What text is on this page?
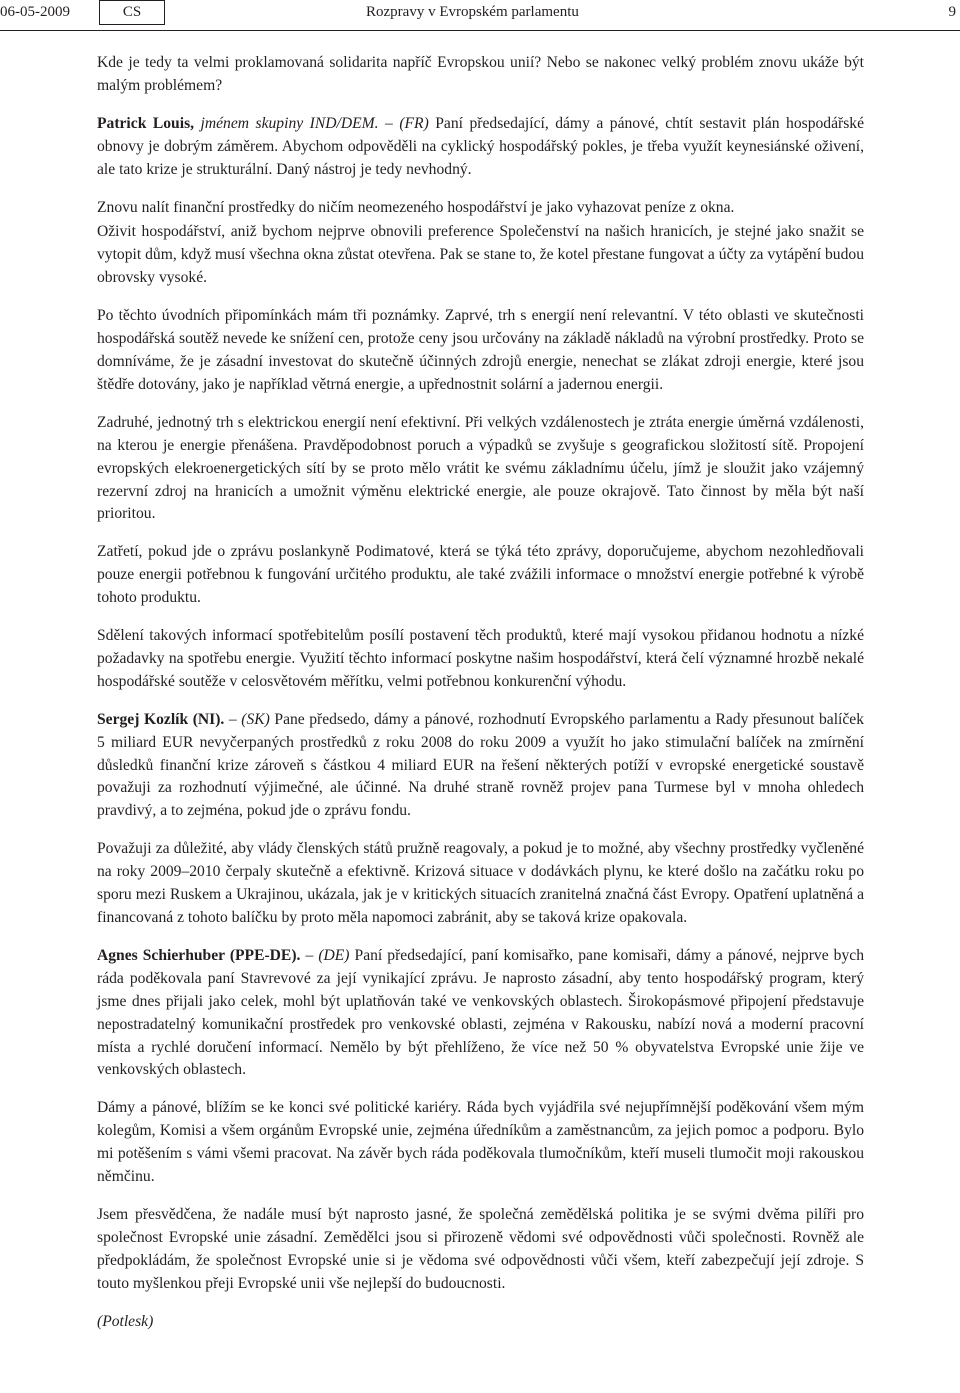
06-05-2009	CS	Rozpravy v Evropském parlamentu	9

Kde je tedy ta velmi proklamovaná solidarita napříč Evropskou unií? Nebo se nakonec velký problém znovu ukáže být malým problémem?

Patrick Louis, jménem skupiny IND/DEM. – (FR) Paní předsedající, dámy a pánové, chtít sestavit plán hospodářské obnovy je dobrým záměrem. Abychom odpověděli na cyklický hospodářský pokles, je třeba využít keynesiánské oživení, ale tato krize je strukturální. Daný nástroj je tedy nevhodný.

Znovu nalít finanční prostředky do ničím neomezeného hospodářství je jako vyhazovat peníze z okna.

Oživit hospodářství, aniž bychom nejprve obnovili preference Společenství na našich hranicích, je stejné jako snažit se vytopit dům, když musí všechna okna zůstat otevřena. Pak se stane to, že kotel přestane fungovat a účty za vytápění budou obrovsky vysoké.

Po těchto úvodních připomínkách mám tři poznámky. Zaprvé, trh s energií není relevantní. V této oblasti ve skutečnosti hospodářská soutěž nevede ke snížení cen, protože ceny jsou určovány na základě nákladů na výrobní prostředky. Proto se domníváme, že je zásadní investovat do skutečně účinných zdrojů energie, nenechat se zlákat zdroji energie, které jsou štědře dotovány, jako je například větrná energie, a upřednostnit solární a jadernou energii.

Zadruhé, jednotný trh s elektrickou energií není efektivní. Při velkých vzdálenostech je ztráta energie úměrná vzdálenosti, na kterou je energie přenášena. Pravděpodobnost poruch a výpadků se zvyšuje s geografickou složitostí sítě. Propojení evropských elekroenergetických sítí by se proto mělo vrátit ke svému základnímu účelu, jímž je sloužit jako vzájemný rezervní zdroj na hranicích a umožnit výměnu elektrické energie, ale pouze okrajově. Tato činnost by měla být naší prioritou.

Zatřetí, pokud jde o zprávu poslankyně Podimatové, která se týká této zprávy, doporučujeme, abychom nezohledňovali pouze energii potřebnou k fungování určitého produktu, ale také zvážili informace o množství energie potřebné k výrobě tohoto produktu.

Sdělení takových informací spotřebitelům posílí postavení těch produktů, které mají vysokou přidanou hodnotu a nízké požadavky na spotřebu energie. Využití těchto informací poskytne našim hospodářství, která čelí významné hrozbě nekalé hospodářské soutěže v celosvětovém měřítku, velmi potřebnou konkurenční výhodu.

Sergej Kozlík (NI). – (SK) Pane předsedo, dámy a pánové, rozhodnutí Evropského parlamentu a Rady přesunout balíček 5 miliard EUR nevyčerpaných prostředků z roku 2008 do roku 2009 a využít ho jako stimulační balíček na zmírnění důsledků finanční krize zároveň s částkou 4 miliard EUR na řešení některých potíží v evropské energetické soustavě považuji za rozhodnutí výjimečné, ale účinné. Na druhé straně rovněž projev pana Turmese byl v mnoha ohledech pravdivý, a to zejména, pokud jde o zprávu fondu.

Považuji za důležité, aby vlády členských států pružně reagovaly, a pokud je to možné, aby všechny prostředky vyčleněné na roky 2009–2010 čerpaly skutečně a efektivně. Krizová situace v dodávkách plynu, ke které došlo na začátku roku po sporu mezi Ruskem a Ukrajinou, ukázala, jak je v kritických situacích zranitelná značná část Evropy. Opatření uplatněná a financovaná z tohoto balíčku by proto měla napomoci zabránit, aby se taková krize opakovala.

Agnes Schierhuber (PPE-DE). – (DE) Paní předsedající, paní komisařko, pane komisaři, dámy a pánové, nejprve bych ráda poděkovala paní Stavrevové za její vynikající zprávu. Je naprosto zásadní, aby tento hospodářský program, který jsme dnes přijali jako celek, mohl být uplatňován také ve venkovských oblastech. Širokopásmové připojení představuje nepostradatelný komunikační prostředek pro venkovské oblasti, zejména v Rakousku, nabízí nová a moderní pracovní místa a rychlé doručení informací. Nemělo by být přehlíženo, že více než 50 % obyvatelstva Evropské unie žije ve venkovských oblastech.

Dámy a pánové, blížím se ke konci své politické kariéry. Ráda bych vyjádřila své nejupřímnější poděkování všem mým kolegům, Komisi a všem orgánům Evropské unie, zejména úředníkům a zaměstnancům, za jejich pomoc a podporu. Bylo mi potěšením s vámi všemi pracovat. Na závěr bych ráda poděkovala tlumočníkům, kteří museli tlumočit moji rakouskou němčinu.

Jsem přesvědčena, že nadále musí být naprosto jasné, že společná zemědělská politika je se svými dvěma pilíři pro společnost Evropské unie zásadní. Zemědělci jsou si přirozeně vědomi své odpovědnosti vůči společnosti. Rovněž ale předpokládám, že společnost Evropské unie si je vědoma své odpovědnosti vůči všem, kteří zabezpečují její zdroje. S touto myšlenkou přeji Evropské unii vše nejlepší do budoucnosti.

(Potlesk)
